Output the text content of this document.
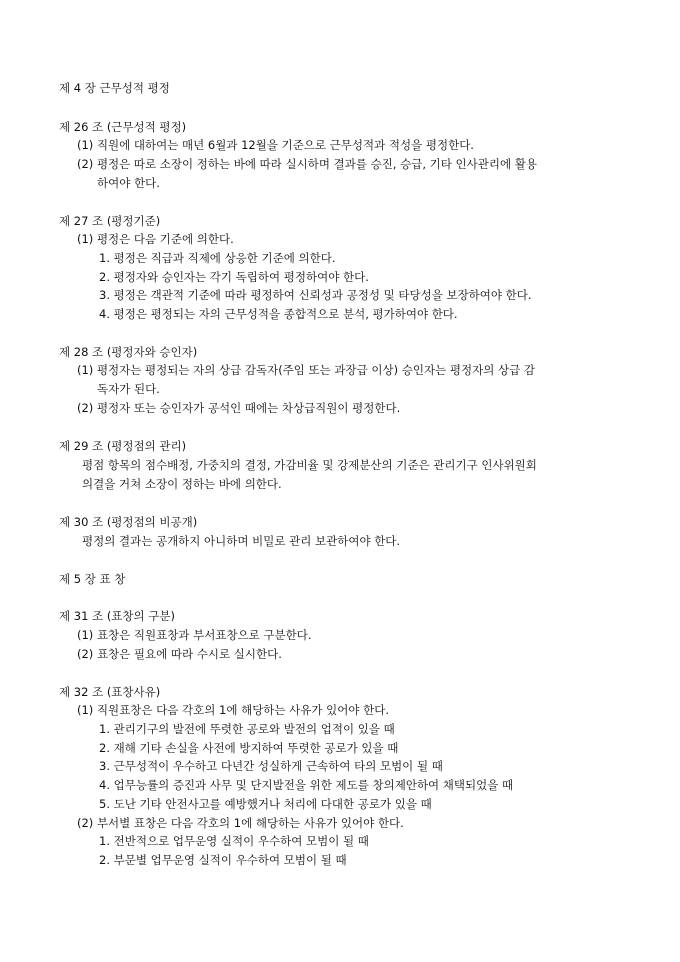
제 4 장 근무성적 평정
제 26 조 (근무성적 평정)
(1) 직원에 대하여는 매년 6월과 12월을 기준으로 근무성적과 적성을 평정한다.
(2) 평정은 따로 소장이 정하는 바에 따라 실시하며 결과를 승진, 승급, 기타 인사관리에 활용
하여야 한다.
제 27 조 (평정기준)
(1) 평정은 다음 기준에 의한다.
1. 평정은 직급과 직제에 상응한 기준에 의한다.
2. 평정자와 승인자는 각기 독립하여 평정하여야 한다.
3. 평정은 객관적 기준에 따라 평정하여 신뢰성과 공정성 및 타당성을 보장하여야 한다.
4. 평정은 평정되는 자의 근무성적을 종합적으로 분석, 평가하여야 한다.
제 28 조 (평정자와 승인자)
(1) 평정자는 평정되는 자의 상급 감독자(주임 또는 과장급 이상) 승인자는 평정자의 상급 감
독자가 된다.
(2) 평정자 또는 승인자가 공석인 때에는 차상급직원이 평정한다.
제 29 조 (평정점의 관리)
평점 항목의 점수배정, 가중치의 결정, 가감비율 및 강제분산의 기준은 관리기구 인사위원회
의결을 거쳐 소장이 정하는 바에 의한다.
제 30 조 (평정점의 비공개)
평정의 결과는 공개하지 아니하며 비밀로 관리 보관하여야 한다.
제 5 장 표 창
제 31 조 (표창의 구분)
(1) 표창은 직원표창과 부서표창으로 구분한다.
(2) 표창은 필요에 따라 수시로 실시한다.
제 32 조 (표창사유)
(1) 직원표창은 다음 각호의 1에 해당하는 사유가 있어야 한다.
1. 관리기구의 발전에 뚜렷한 공로와 발전의 업적이 있을 때
2. 재해 기타 손실을 사전에 방지하여 뚜렷한 공로가 있을 때
3. 근무성적이 우수하고 다년간 성실하게 근속하여 타의 모범이 될 때
4. 업무능률의 증진과 사무 및 단지발전을 위한 제도를 창의제안하여 채택되었을 때
5. 도난 기타 안전사고를 예방했거나 처리에 다대한 공로가 있을 때
(2) 부서별 표창은 다음 각호의 1에 해당하는 사유가 있어야 한다.
1. 전반적으로 업무운영 실적이 우수하여 모범이 될 때
2. 부문별 업무운영 실적이 우수하여 모범이 될 때
